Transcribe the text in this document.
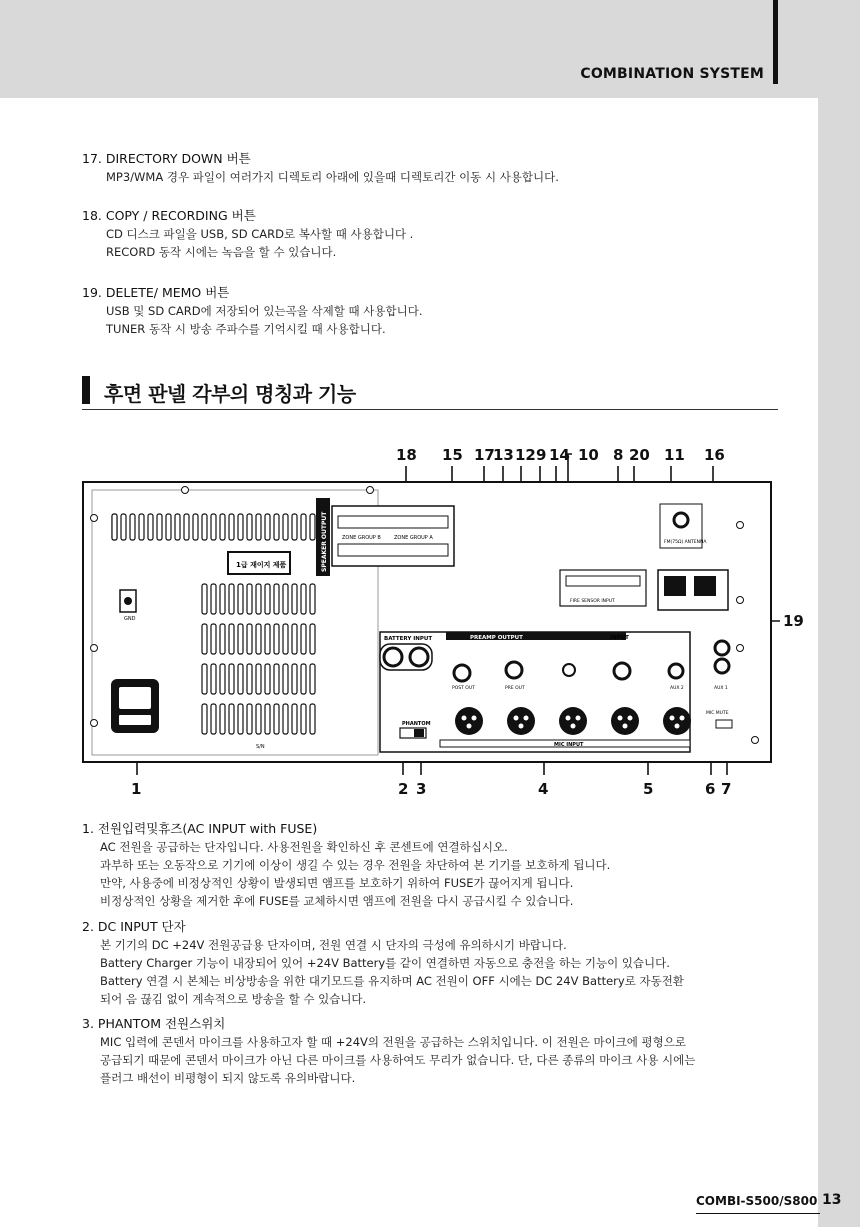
COMBINATION SYSTEM
17. DIRECTORY DOWN 버튼
MP3/WMA 경우 파일이 여러가지 디렉토리 아래에 있을때 디렉토리간 이동 시 사용합니다.
18. COPY / RECORDING 버튼
CD 디스크 파일을 USB, SD CARD로 복사할 때 사용합니다 .
RECORD 동작 시에는 녹음을 할 수 있습니다.
19. DELETE/ MEMO 버튼
USB 및 SD CARD에 저장되어 있는곡을 삭제할 때 사용합니다.
TUNER 동작 시 방송 주파수를 기억시킬 때 사용합니다.
후면 판넬 각부의 명칭과 기능
18 15 17
13 12 9 14 10 8 20 11 16
19
1	2 3	4	5	6 7
GND
1급 재이지 제품
S/N
SPEAKER OUTPUT	ZONE GROUP B	ZONE GROUP A
BATTERY INPUT
PHANTOM
PREAMP OUTPUT	INPUT
POST OUT	PRE OUT	AUX 2	AUX 1
MIC INPUT
MIC MUTE
FM(75Ω) ANTENNA
FIRE SENSOR INPUT
1. 전원입력및휴즈(AC INPUT with FUSE)
AC 전원을 공급하는 단자입니다. 사용전원을 확인하신 후 콘센트에 연결하십시오.
과부하 또는 오동작으로 기기에 이상이 생길 수 있는 경우 전원을 차단하여 본 기기를 보호하게 됩니다.
만약, 사용중에 비정상적인 상황이 발생되면 앰프를 보호하기 위하여 FUSE가 끊어지게 됩니다.
비정상적인 상황을 제거한 후에 FUSE를 교체하시면 앰프에 전원을 다시 공급시킬 수 있습니다.
2. DC INPUT 단자
본 기기의 DC +24V 전원공급용 단자이며, 전원 연결 시 단자의 극성에 유의하시기 바랍니다.
Battery Charger 기능이 내장되어 있어 +24V Battery를 같이 연결하면 자동으로 충전을 하는 기능이 있습니다.
Battery 연결 시 본체는 비상방송을 위한 대기모드를 유지하며 AC 전원이 OFF 시에는 DC 24V Battery로 자동전환
되어 음 끊김 없이 계속적으로 방송을 할 수 있습니다.
3. PHANTOM 전원스위치
MIC 입력에 콘덴서 마이크를 사용하고자 할 때 +24V의 전원을 공급하는 스위치입니다. 이 전원은 마이크에 평형으로
공급되기 때문에 콘덴서 마이크가 아닌 다른 마이크를 사용하여도 무리가 없습니다. 단, 다른 종류의 마이크 사용 시에는
플러그 배선이 비평형이 되지 않도록 유의바랍니다.
COMBI-S500/S800 13
